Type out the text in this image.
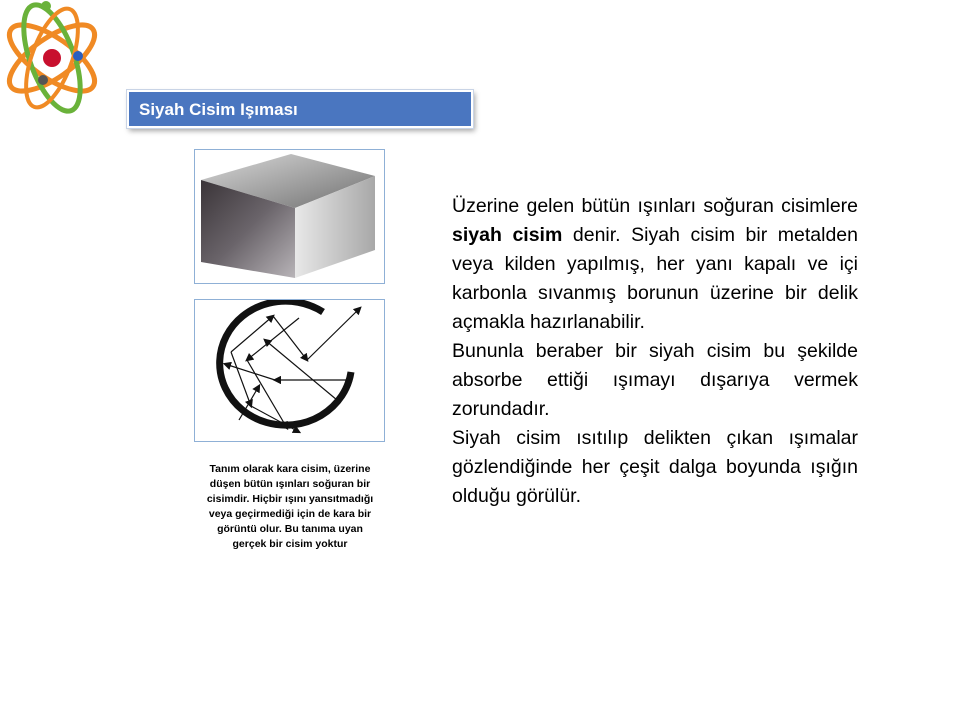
Siyah Cisim Işıması
Tanım olarak kara cisim, üzerine düşen bütün ışınları soğuran bir cisimdir. Hiçbir ışını yansıtmadığı veya geçirmediği için de kara bir görüntü olur. Bu tanıma uyan gerçek bir cisim yoktur

Üzerine gelen bütün ışınları soğuran cisimlere siyah cisim denir. Siyah cisim bir metalden veya kilden yapılmış, her yanı kapalı ve içi karbonla sıvanmış borunun üzerine bir delik açmakla hazırlanabilir.

Bununla beraber bir siyah cisim bu şekilde absorbe ettiği ışımayı dışarıya vermek zorundadır.

Siyah cisim ısıtılıp delikten çıkan ışımalar gözlendiğinde her çeşit dalga boyunda ışığın olduğu görülür.
